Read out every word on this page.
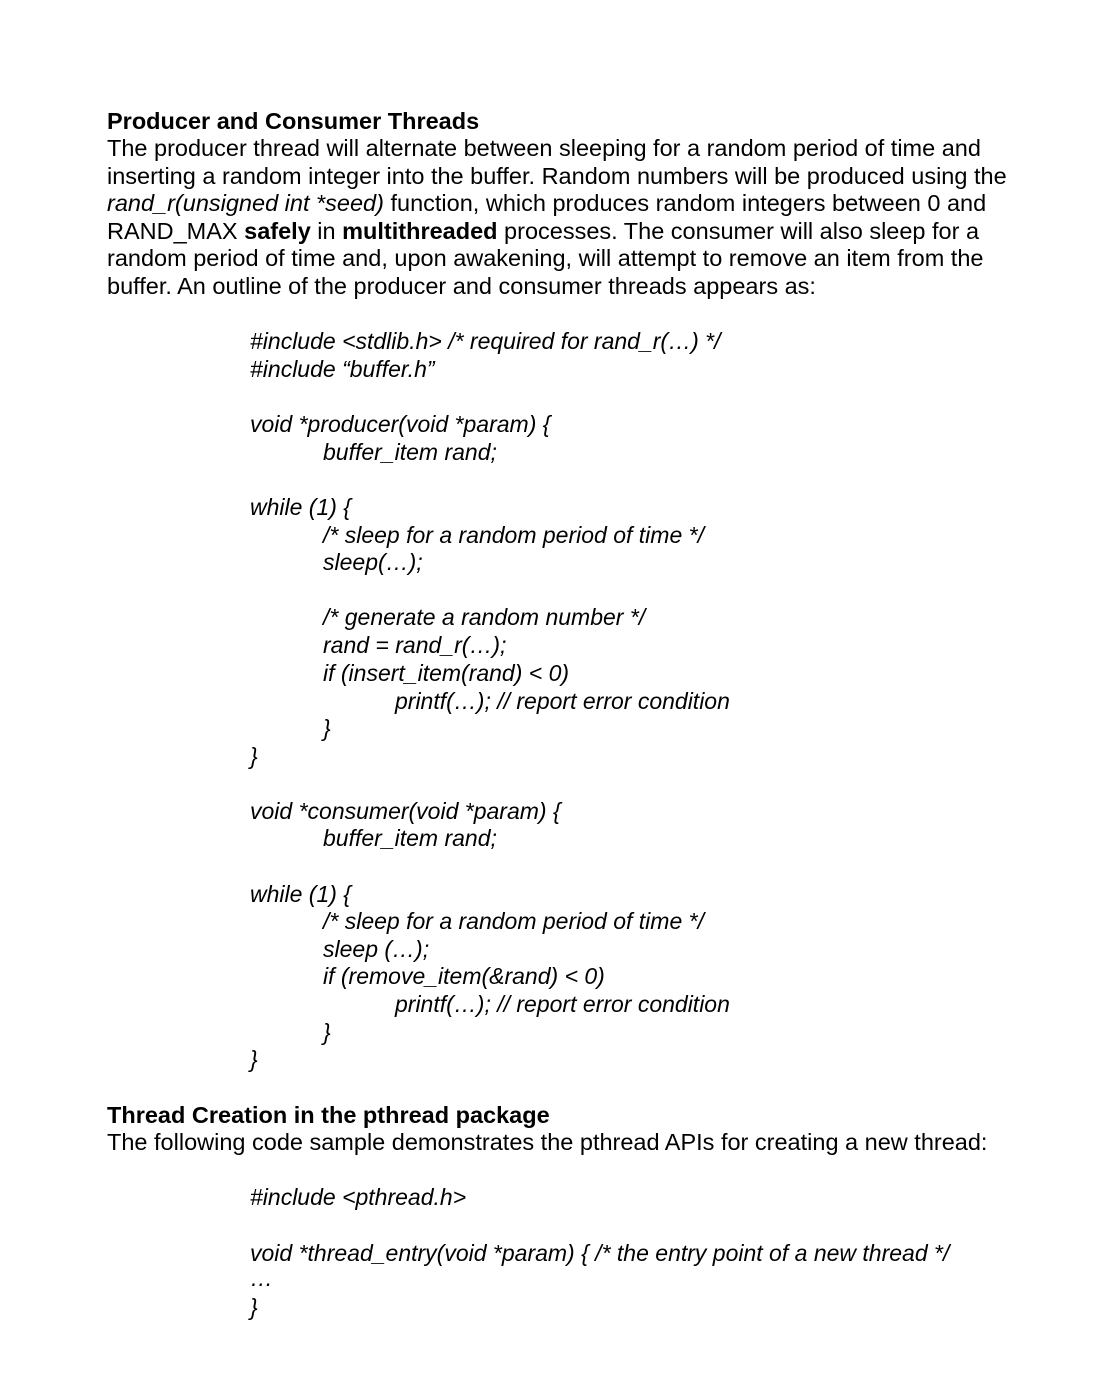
Producer and Consumer Threads
The producer thread will alternate between sleeping for a random period of time and
inserting a random integer into the buffer. Random numbers will be produced using the
rand_r(unsigned int *seed) function, which produces random integers between 0 and
RAND_MAX safely in multithreaded processes. The consumer will also sleep for a
random period of time and, upon awakening, will attempt to remove an item from the
buffer. An outline of the producer and consumer threads appears as:
#include <stdlib.h> /* required for rand_r(…) */
#include “buffer.h”
void *producer(void *param) {
buffer_item rand;
while (1) {
/* sleep for a random period of time */
sleep(…);
/* generate a random number */
rand = rand_r(…);
if (insert_item(rand) < 0)
printf(…); // report error condition
}
}
void *consumer(void *param) {
buffer_item rand;
while (1) {
/* sleep for a random period of time */
sleep (…);
if (remove_item(&rand) < 0)
printf(…); // report error condition
}
}
Thread Creation in the pthread package
The following code sample demonstrates the pthread APIs for creating a new thread:
#include <pthread.h>
void *thread_entry(void *param) { /* the entry point of a new thread */
…
}
